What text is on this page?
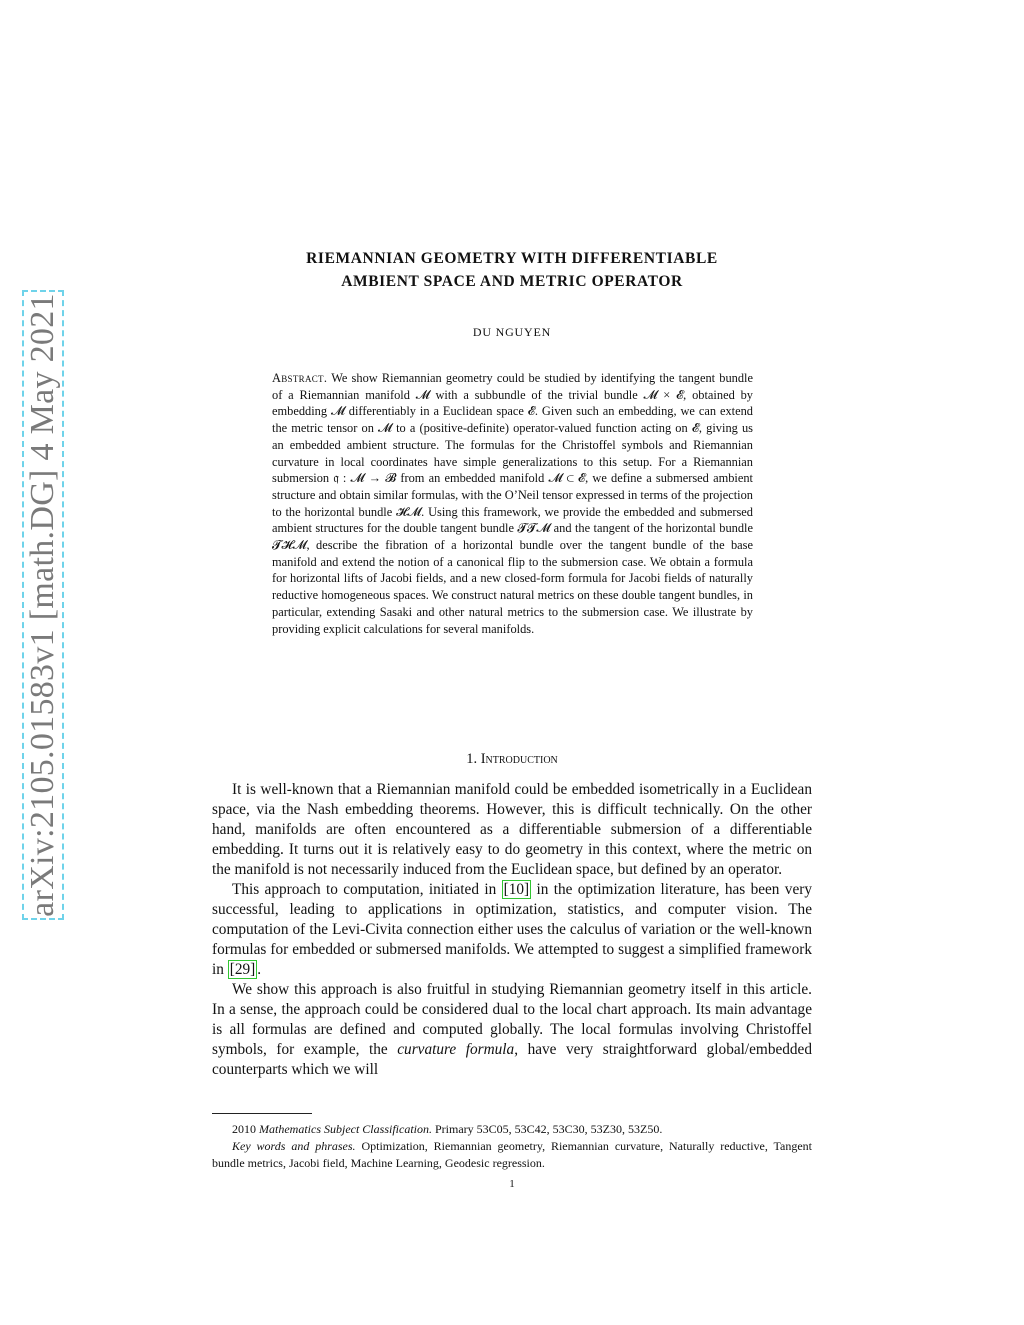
arXiv:2105.01583v1 [math.DG] 4 May 2021
RIEMANNIAN GEOMETRY WITH DIFFERENTIABLE
AMBIENT SPACE AND METRIC OPERATOR
DU NGUYEN
Abstract. We show Riemannian geometry could be studied by identifying the tangent bundle of a Riemannian manifold 𝓜 with a subbundle of the trivial bundle 𝓜 × 𝓔, obtained by embedding 𝓜 differentiably in a Euclidean space 𝓔. Given such an embedding, we can extend the metric tensor on 𝓜 to a (positive-definite) operator-valued function acting on 𝓔, giving us an embedded ambient structure. The formulas for the Christoffel symbols and Riemannian curvature in local coordinates have simple generalizations to this setup. For a Riemannian submersion 𝔮 : 𝓜 → 𝓑 from an embedded manifold 𝓜 ⊂ 𝓔, we define a submersed ambient structure and obtain similar formulas, with the O’Neil tensor expressed in terms of the projection to the horizontal bundle 𝓗𝓜. Using this framework, we provide the embedded and submersed ambient structures for the double tangent bundle 𝓣𝓣𝓜 and the tangent of the horizontal bundle 𝓣𝓗𝓜, describe the fibration of a horizontal bundle over the tangent bundle of the base manifold and extend the notion of a canonical flip to the submersion case. We obtain a formula for horizontal lifts of Jacobi fields, and a new closed-form formula for Jacobi fields of naturally reductive homogeneous spaces. We construct natural metrics on these double tangent bundles, in particular, extending Sasaki and other natural metrics to the submersion case. We illustrate by providing explicit calculations for several manifolds.
1. Introduction

It is well-known that a Riemannian manifold could be embedded isometrically in a Euclidean space, via the Nash embedding theorems. However, this is difficult technically. On the other hand, manifolds are often encountered as a differentiable submersion of a differentiable embedding. It turns out it is relatively easy to do geometry in this context, where the metric on the manifold is not necessarily induced from the Euclidean space, but defined by an operator.

This approach to computation, initiated in [10] in the optimization literature, has been very successful, leading to applications in optimization, statistics, and computer vision. The computation of the Levi-Civita connection either uses the calculus of variation or the well-known formulas for embedded or submersed manifolds. We attempted to suggest a simplified framework in [29] .

We show this approach is also fruitful in studying Riemannian geometry itself in this article. In a sense, the approach could be considered dual to the local chart approach. Its main advantage is all formulas are defined and computed globally. The local formulas involving Christoffel symbols, for example, the curvature formula, have very straightforward global/embedded counterparts which we will

2010 Mathematics Subject Classification. Primary 53C05, 53C42, 53C30, 53Z30, 53Z50.

Key words and phrases. Optimization, Riemannian geometry, Riemannian curvature, Naturally reductive, Tangent bundle metrics, Jacobi field, Machine Learning, Geodesic regression.

1
